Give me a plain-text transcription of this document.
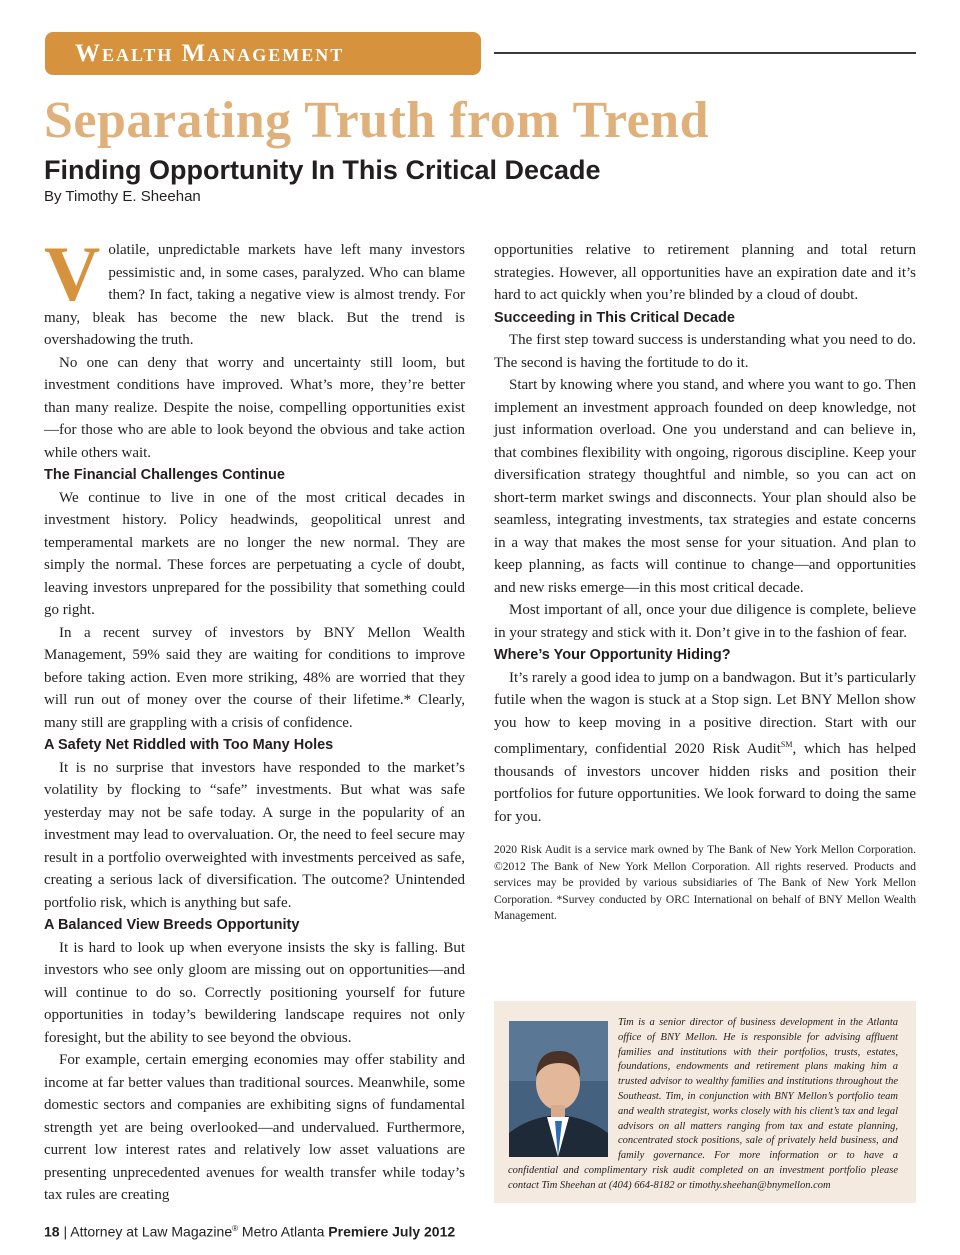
Wealth Management
Separating Truth from Trend
Finding Opportunity In This Critical Decade
By Timothy E. Sheehan

Volatile, unpredictable markets have left many investors pessimistic and, in some cases, paralyzed. Who can blame them? In fact, taking a negative view is almost trendy. For many, bleak has become the new black. But the trend is overshadowing the truth.

No one can deny that worry and uncertainty still loom, but investment conditions have improved. What’s more, they’re better than many realize. Despite the noise, compelling opportunities exist—for those who are able to look beyond the obvious and take action while others wait.

The Financial Challenges Continue

We continue to live in one of the most critical decades in investment history. Policy headwinds, geopolitical unrest and temperamental markets are no longer the new normal. They are simply the normal. These forces are perpetuating a cycle of doubt, leaving investors unprepared for the possibility that something could go right.

In a recent survey of investors by BNY Mellon Wealth Management, 59% said they are waiting for conditions to improve before taking action. Even more striking, 48% are worried that they will run out of money over the course of their lifetime.* Clearly, many still are grappling with a crisis of confidence.

A Safety Net Riddled with Too Many Holes

It is no surprise that investors have responded to the market’s volatility by flocking to “safe” investments. But what was safe yesterday may not be safe today. A surge in the popularity of an investment may lead to overvaluation. Or, the need to feel secure may result in a portfolio overweighted with investments perceived as safe, creating a serious lack of diversification. The outcome? Unintended portfolio risk, which is anything but safe.

A Balanced View Breeds Opportunity

It is hard to look up when everyone insists the sky is falling. But investors who see only gloom are missing out on opportunities—and will continue to do so. Correctly positioning yourself for future opportunities in today’s bewildering landscape requires not only foresight, but the ability to see beyond the obvious.

For example, certain emerging economies may offer stability and income at far better values than traditional sources. Meanwhile, some domestic sectors and companies are exhibiting signs of fundamental strength yet are being overlooked—and undervalued. Furthermore, current low interest rates and relatively low asset valuations are presenting unprecedented avenues for wealth transfer while today’s tax rules are creating

opportunities relative to retirement planning and total return strategies. However, all opportunities have an expiration date and it’s hard to act quickly when you’re blinded by a cloud of doubt.

Succeeding in This Critical Decade

The first step toward success is understanding what you need to do. The second is having the fortitude to do it.

Start by knowing where you stand, and where you want to go. Then implement an investment approach founded on deep knowledge, not just information overload. One you understand and can believe in, that combines flexibility with ongoing, rigorous discipline. Keep your diversification strategy thoughtful and nimble, so you can act on short-term market swings and disconnects. Your plan should also be seamless, integrating investments, tax strategies and estate concerns in a way that makes the most sense for your situation. And plan to keep planning, as facts will continue to change—and opportunities and new risks emerge—in this most critical decade.

Most important of all, once your due diligence is complete, believe in your strategy and stick with it. Don’t give in to the fashion of fear.

Where’s Your Opportunity Hiding?

It’s rarely a good idea to jump on a bandwagon. But it’s particularly futile when the wagon is stuck at a Stop sign. Let BNY Mellon show you how to keep moving in a positive direction. Start with our complimentary, confidential 2020 Risk Audit℠, which has helped thousands of investors uncover hidden risks and position their portfolios for future opportunities. We look forward to doing the same for you.

2020 Risk Audit is a service mark owned by The Bank of New York Mellon Corporation. ©2012 The Bank of New York Mellon Corporation. All rights reserved. Products and services may be provided by various subsidiaries of The Bank of New York Mellon Corporation. *Survey conducted by ORC International on behalf of BNY Mellon Wealth Management.

Tim is a senior director of business development in the Atlanta office of BNY Mellon. He is responsible for advising affluent families and institutions with their portfolios, trusts, estates, foundations, endowments and retirement plans making him a trusted advisor to wealthy families and institutions throughout the Southeast. Tim, in conjunction with BNY Mellon’s portfolio team and wealth strategist, works closely with his client’s tax and legal advisors on all matters ranging from tax and estate planning, concentrated stock positions, sale of privately held business, and family governance. For more information or to have a confidential and complimentary risk audit completed on an investment portfolio please contact Tim Sheehan at (404) 664-8182 or timothy.sheehan@bnymellon.com

18 | Attorney at Law Magazine® Metro Atlanta Premiere July 2012
